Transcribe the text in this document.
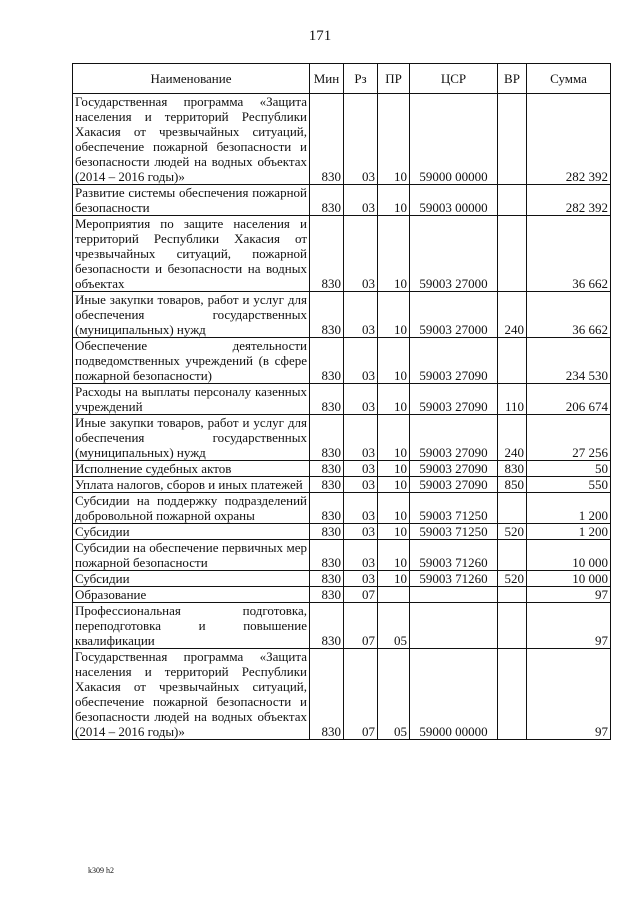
171
Наименование	Мин	Рз	ПР	ЦСР	ВР	Сумма
Государственная программа «Защита населения и территорий Республики Хакасия от чрезвычайных ситуаций, обеспечение пожарной безопасности и безопасности людей на водных объектах (2014 – 2016 годы)»	830	03	10	59000 00000		282 392
Развитие системы обеспечения пожарной безопасности	830	03	10	59003 00000		282 392
Мероприятия по защите населения и территорий Республики Хакасия от чрезвычайных ситуаций, пожарной безопасности и безопасности на водных объектах	830	03	10	59003 27000		36 662
Иные закупки товаров, работ и услуг для обеспечения государственных (муниципальных) нужд	830	03	10	59003 27000	240	36 662
Обеспечение деятельности подведомственных учреждений (в сфере пожарной безопасности)	830	03	10	59003 27090		234 530
Расходы на выплаты персоналу казенных учреждений	830	03	10	59003 27090	110	206 674
Иные закупки товаров, работ и услуг для обеспечения государственных (муниципальных) нужд	830	03	10	59003 27090	240	27 256
Исполнение судебных актов	830	03	10	59003 27090	830	50
Уплата налогов, сборов и иных платежей	830	03	10	59003 27090	850	550
Субсидии на поддержку подразделений добровольной пожарной охраны	830	03	10	59003 71250		1 200
Субсидии	830	03	10	59003 71250	520	1 200
Субсидии на обеспечение первичных мер пожарной безопасности	830	03	10	59003 71260		10 000
Субсидии	830	03	10	59003 71260	520	10 000
Образование	830	07				97
Профессиональная подготовка, переподготовка и повышение квалификации	830	07	05			97
Государственная программа «Защита населения и территорий Республики Хакасия от чрезвычайных ситуаций, обеспечение пожарной безопасности и безопасности людей на водных объектах (2014 – 2016 годы)»	830	07	05	59000 00000		97
k309 h2
